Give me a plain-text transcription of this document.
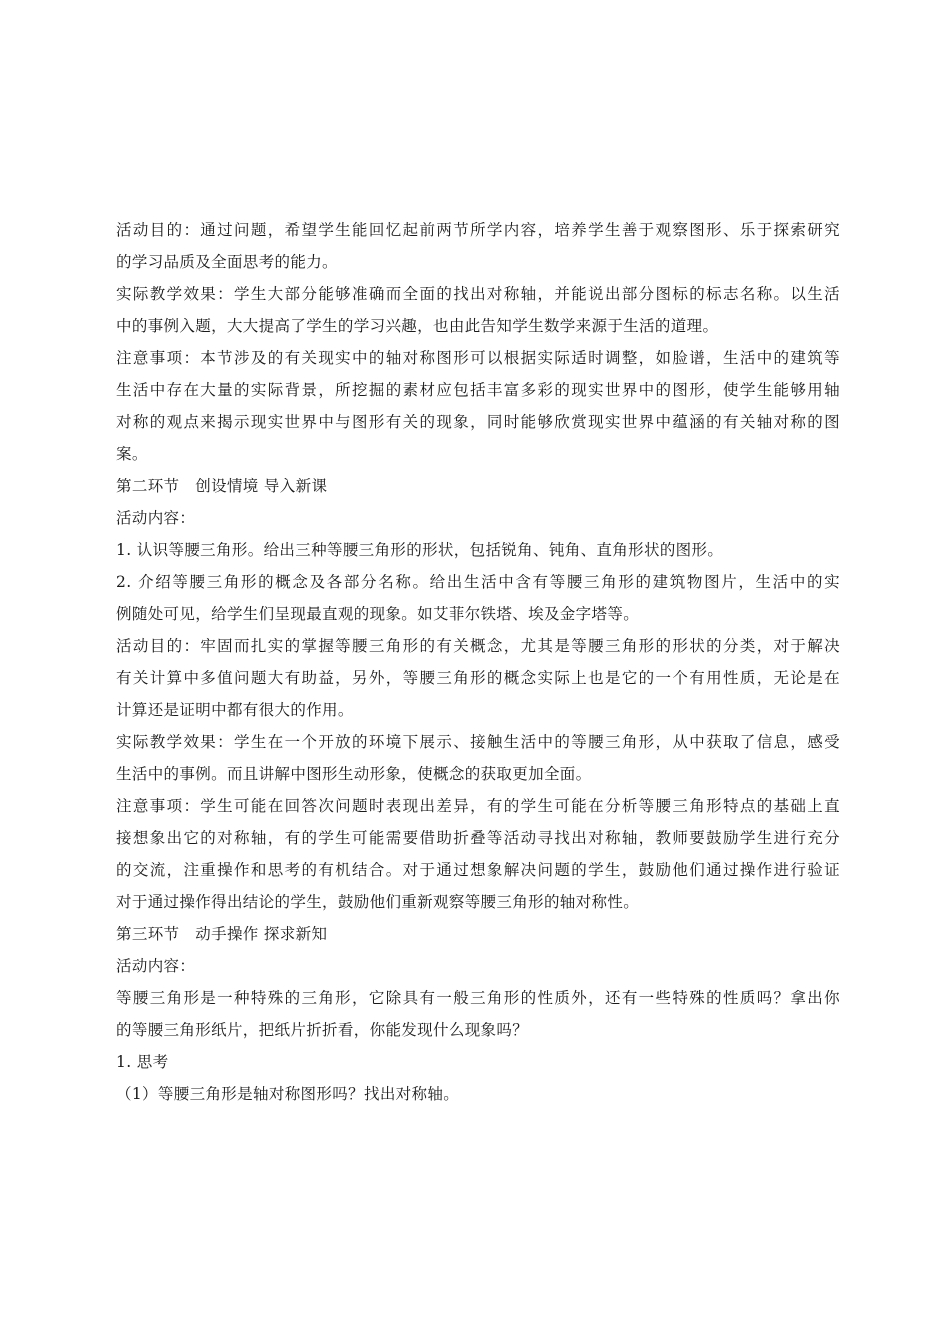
活动目的：通过问题，希望学生能回忆起前两节所学内容，培养学生善于观察图形、乐于探索研究
的学习品质及全面思考的能力。
实际教学效果：学生大部分能够准确而全面的找出对称轴，并能说出部分图标的标志名称。以生活
中的事例入题，大大提高了学生的学习兴趣，也由此告知学生数学来源于生活的道理。
注意事项：本节涉及的有关现实中的轴对称图形可以根据实际适时调整，如脸谱，生活中的建筑等
生活中存在大量的实际背景，所挖掘的素材应包括丰富多彩的现实世界中的图形，使学生能够用轴
对称的观点来揭示现实世界中与图形有关的现象，同时能够欣赏现实世界中蕴涵的有关轴对称的图
案。
第二环节　创设情境 导入新课
活动内容：
1. 认识等腰三角形。给出三种等腰三角形的形状，包括锐角、钝角、直角形状的图形。
2. 介绍等腰三角形的概念及各部分名称。给出生活中含有等腰三角形的建筑物图片，生活中的实
例随处可见，给学生们呈现最直观的现象。如艾菲尔铁塔、埃及金字塔等。
活动目的：牢固而扎实的掌握等腰三角形的有关概念，尤其是等腰三角形的形状的分类，对于解决
有关计算中多值问题大有助益，另外，等腰三角形的概念实际上也是它的一个有用性质，无论是在
计算还是证明中都有很大的作用。
实际教学效果：学生在一个开放的环境下展示、接触生活中的等腰三角形，从中获取了信息，感受
生活中的事例。而且讲解中图形生动形象，使概念的获取更加全面。
注意事项：学生可能在回答次问题时表现出差异，有的学生可能在分析等腰三角形特点的基础上直
接想象出它的对称轴，有的学生可能需要借助折叠等活动寻找出对称轴，教师要鼓励学生进行充分
的交流，注重操作和思考的有机结合。对于通过想象解决问题的学生，鼓励他们通过操作进行验证
对于通过操作得出结论的学生，鼓励他们重新观察等腰三角形的轴对称性。
第三环节　动手操作 探求新知
活动内容：
等腰三角形是一种特殊的三角形，它除具有一般三角形的性质外，还有一些特殊的性质吗？拿出你
的等腰三角形纸片，把纸片折折看，你能发现什么现象吗？
1. 思考
（1）等腰三角形是轴对称图形吗？找出对称轴。
